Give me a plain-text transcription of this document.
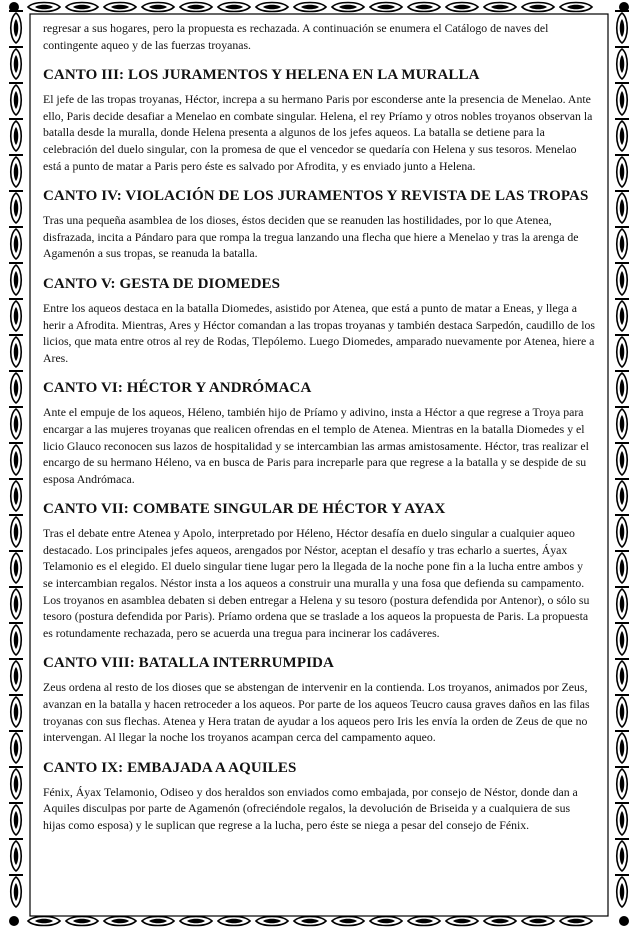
regresar a sus hogares, pero la propuesta es rechazada. A continuación se enumera el Catálogo de naves del contingente aqueo y de las fuerzas troyanas.

CANTO III: LOS JURAMENTOS Y HELENA EN LA MURALLA

El jefe de las tropas troyanas, Héctor, increpa a su hermano Paris por esconderse ante la presencia de Menelao. Ante ello, Paris decide desafiar a Menelao en combate singular. Helena, el rey Príamo y otros nobles troyanos observan la batalla desde la muralla, donde Helena presenta a algunos de los jefes aqueos. La batalla se detiene para la celebración del duelo singular, con la promesa de que el vencedor se quedaría con Helena y sus tesoros. Menelao está a punto de matar a Paris pero éste es salvado por Afrodita, y es enviado junto a Helena.

CANTO IV: VIOLACIÓN DE LOS JURAMENTOS Y REVISTA DE LAS TROPAS

Tras una pequeña asamblea de los dioses, éstos deciden que se reanuden las hostilidades, por lo que Atenea, disfrazada, incita a Pándaro para que rompa la tregua lanzando una flecha que hiere a Menelao y tras la arenga de Agamenón a sus tropas, se reanuda la batalla.

CANTO V: GESTA DE DIOMEDES

Entre los aqueos destaca en la batalla Diomedes, asistido por Atenea, que está a punto de matar a Eneas, y llega a herir a Afrodita. Mientras, Ares y Héctor comandan a las tropas troyanas y también destaca Sarpedón, caudillo de los licios, que mata entre otros al rey de Rodas, Tlepólemo. Luego Diomedes, amparado nuevamente por Atenea, hiere a Ares.

CANTO VI: HÉCTOR Y ANDRÓMACA

Ante el empuje de los aqueos, Héleno, también hijo de Príamo y adivino, insta a Héctor a que regrese a Troya para encargar a las mujeres troyanas que realicen ofrendas en el templo de Atenea. Mientras en la batalla Diomedes y el licio Glauco reconocen sus lazos de hospitalidad y se intercambian las armas amistosamente. Héctor, tras realizar el encargo de su hermano Héleno, va en busca de Paris para increparle para que regrese a la batalla y se despide de su esposa Andrómaca.

CANTO VII: COMBATE SINGULAR DE HÉCTOR Y AYAX

Tras el debate entre Atenea y Apolo, interpretado por Héleno, Héctor desafía en duelo singular a cualquier aqueo destacado. Los principales jefes aqueos, arengados por Néstor, aceptan el desafío y tras echarlo a suertes, Áyax Telamonio es el elegido. El duelo singular tiene lugar pero la llegada de la noche pone fin a la lucha entre ambos y se intercambian regalos. Néstor insta a los aqueos a construir una muralla y una fosa que defienda su campamento. Los troyanos en asamblea debaten si deben entregar a Helena y su tesoro (postura defendida por Antenor), o sólo su tesoro (postura defendida por Paris). Príamo ordena que se traslade a los aqueos la propuesta de Paris. La propuesta es rotundamente rechazada, pero se acuerda una tregua para incinerar los cadáveres.

CANTO VIII: BATALLA INTERRUMPIDA

Zeus ordena al resto de los dioses que se abstengan de intervenir en la contienda. Los troyanos, animados por Zeus, avanzan en la batalla y hacen retroceder a los aqueos. Por parte de los aqueos Teucro causa graves daños en las filas troyanas con sus flechas. Atenea y Hera tratan de ayudar a los aqueos pero Iris les envía la orden de Zeus de que no intervengan. Al llegar la noche los troyanos acampan cerca del campamento aqueo.

CANTO IX: EMBAJADA A AQUILES

Fénix, Áyax Telamonio, Odiseo y dos heraldos son enviados como embajada, por consejo de Néstor, donde dan a Aquiles disculpas por parte de Agamenón (ofreciéndole regalos, la devolución de Briseida y a cualquiera de sus hijas como esposa) y le suplican que regrese a la lucha, pero éste se niega a pesar del consejo de Fénix.
